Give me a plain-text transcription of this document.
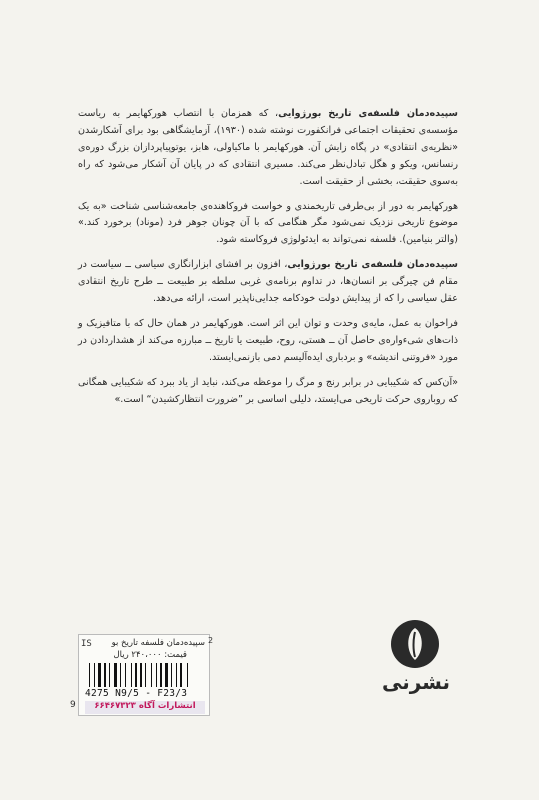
سپیده‌دمان فلسفه‌ی تاریخ بورژوایی، که همزمان با انتصاب هورکهایمر به ریاست مؤسسه‌ی تحقیقات اجتماعی فرانکفورت نوشته شده (۱۹۳۰)، آزمایشگاهی بود برای آشکارشدن «نظریه‌ی انتقادی» در پگاه زایش آن. هورکهایمر با ماکیاولی، هابز، یوتوپیاپردازان بزرگ دوره‌ی رنسانس، ویکو و هگل تبادل‌نظر می‌کند. مسیری انتقادی که در پایان آن آشکار می‌شود که راه به‌سوی حقیقت، بخشی از حقیقت است.

هورکهایمر به دور از بی‌طرفی تاریخمندی و خواست فروکاهنده‌ی جامعه‌شناسی شناخت «به یک موضوع تاریخی نزدیک نمی‌شود مگر هنگامی که با آن چونان جوهر فرد (موناد) برخورد کند.» (والتر بنیامین). فلسفه نمی‌تواند به ایدئولوژی فروکاسته شود.

سپیده‌دمان فلسفه‌ی تاریخ بورژوایی، افزون بر افشای ابزارانگاری سیاسی ــ سیاست در مقام فن چیرگی بر انسان‌ها، در تداوم برنامه‌ی غربی سلطه بر طبیعت ــ طرح تاریخ انتقادی عقل سیاسی را که از پیدایش دولت خودکامه جدایی‌ناپذیر است، ارائه می‌دهد.

فراخوان به عمل، مایه‌ی وحدت و توان این اثر است. هورکهایمر در همان حال که با متافیزیک و ذات‌های شیء‌واره‌ی حاصل آن ــ هستی، روح، طبیعت یا تاریخ ــ مبارزه می‌کند از هشداردادن در مورد «فروتنی اندیشه» و بردباری ایده‌آلیسم دمی بازنمی‌ایستد.

«آن‌کس که شکیبایی در برابر رنج و مرگ را موعظه می‌کند، نباید از یاد ببرد که شکیبایی همگانی که روباروی حرکت تاریخی می‌ایستد، دلیلی اساسی بر ”ضرورت انتظارکشیدن“ است.»

IS سپیده‌دمان فلسفه تاریخ بو
قیمت: ۲۴۰،۰۰۰ ریال
4275 N9/5 - F23/3
انتشارات آگاه ۶۶۴۶۷۳۲۳
9
2
نشرنی
